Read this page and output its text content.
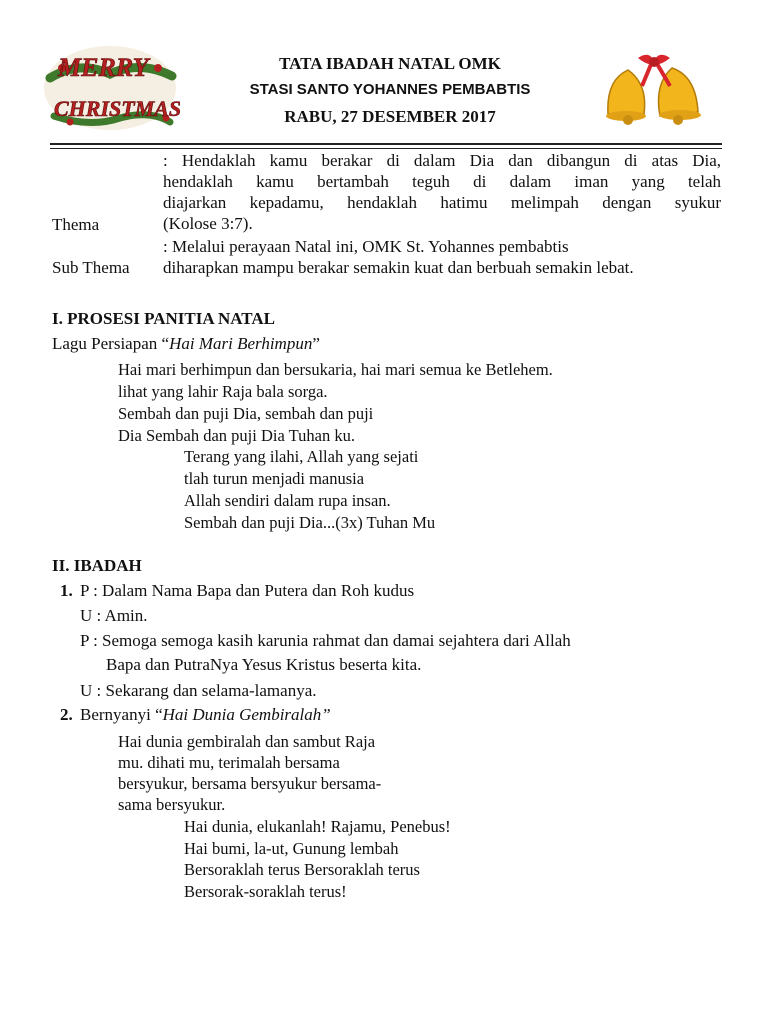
MERRY
CHRISTMAS
TATA IBADAH NATAL OMK
STASI SANTO YOHANNES PEMBABTIS
RABU, 27 DESEMBER 2017
Thema
: Hendaklah kamu berakar di dalam Dia dan dibangun di atas Dia,
hendaklah kamu bertambah teguh di dalam iman yang telah
diajarkan kepadamu, hendaklah hatimu melimpah dengan syukur
(Kolose 3:7).
: Melalui perayaan Natal ini, OMK St. Yohannes pembabtis
Sub Thema diharapkan mampu berakar semakin kuat dan berbuah semakin lebat.
I. PROSESI PANITIA NATAL
Lagu Persiapan “Hai Mari Berhimpun”
Hai mari berhimpun dan bersukaria, hai mari semua ke Betlehem.
lihat yang lahir Raja bala sorga.
Sembah dan puji Dia, sembah dan puji
Dia Sembah dan puji Dia Tuhan ku.
Terang yang ilahi, Allah yang sejati
tlah turun menjadi manusia
Allah sendiri dalam rupa insan.
Sembah dan puji Dia...(3x) Tuhan Mu
II. IBADAH
1. P : Dalam Nama Bapa dan Putera dan Roh kudus
U : Amin.
P : Semoga semoga kasih karunia rahmat dan damai sejahtera dari Allah
Bapa dan PutraNya Yesus Kristus beserta kita.
U : Sekarang dan selama-lamanya.
2. Bernyanyi “Hai Dunia Gembiralah”
Hai dunia gembiralah dan sambut Raja
mu. dihati mu, terimalah bersama
bersyukur, bersama bersyukur bersama-
sama bersyukur.
Hai dunia, elukanlah! Rajamu, Penebus!
Hai bumi, la-ut, Gunung lembah
Bersoraklah terus Bersoraklah terus
Bersorak-soraklah terus!
